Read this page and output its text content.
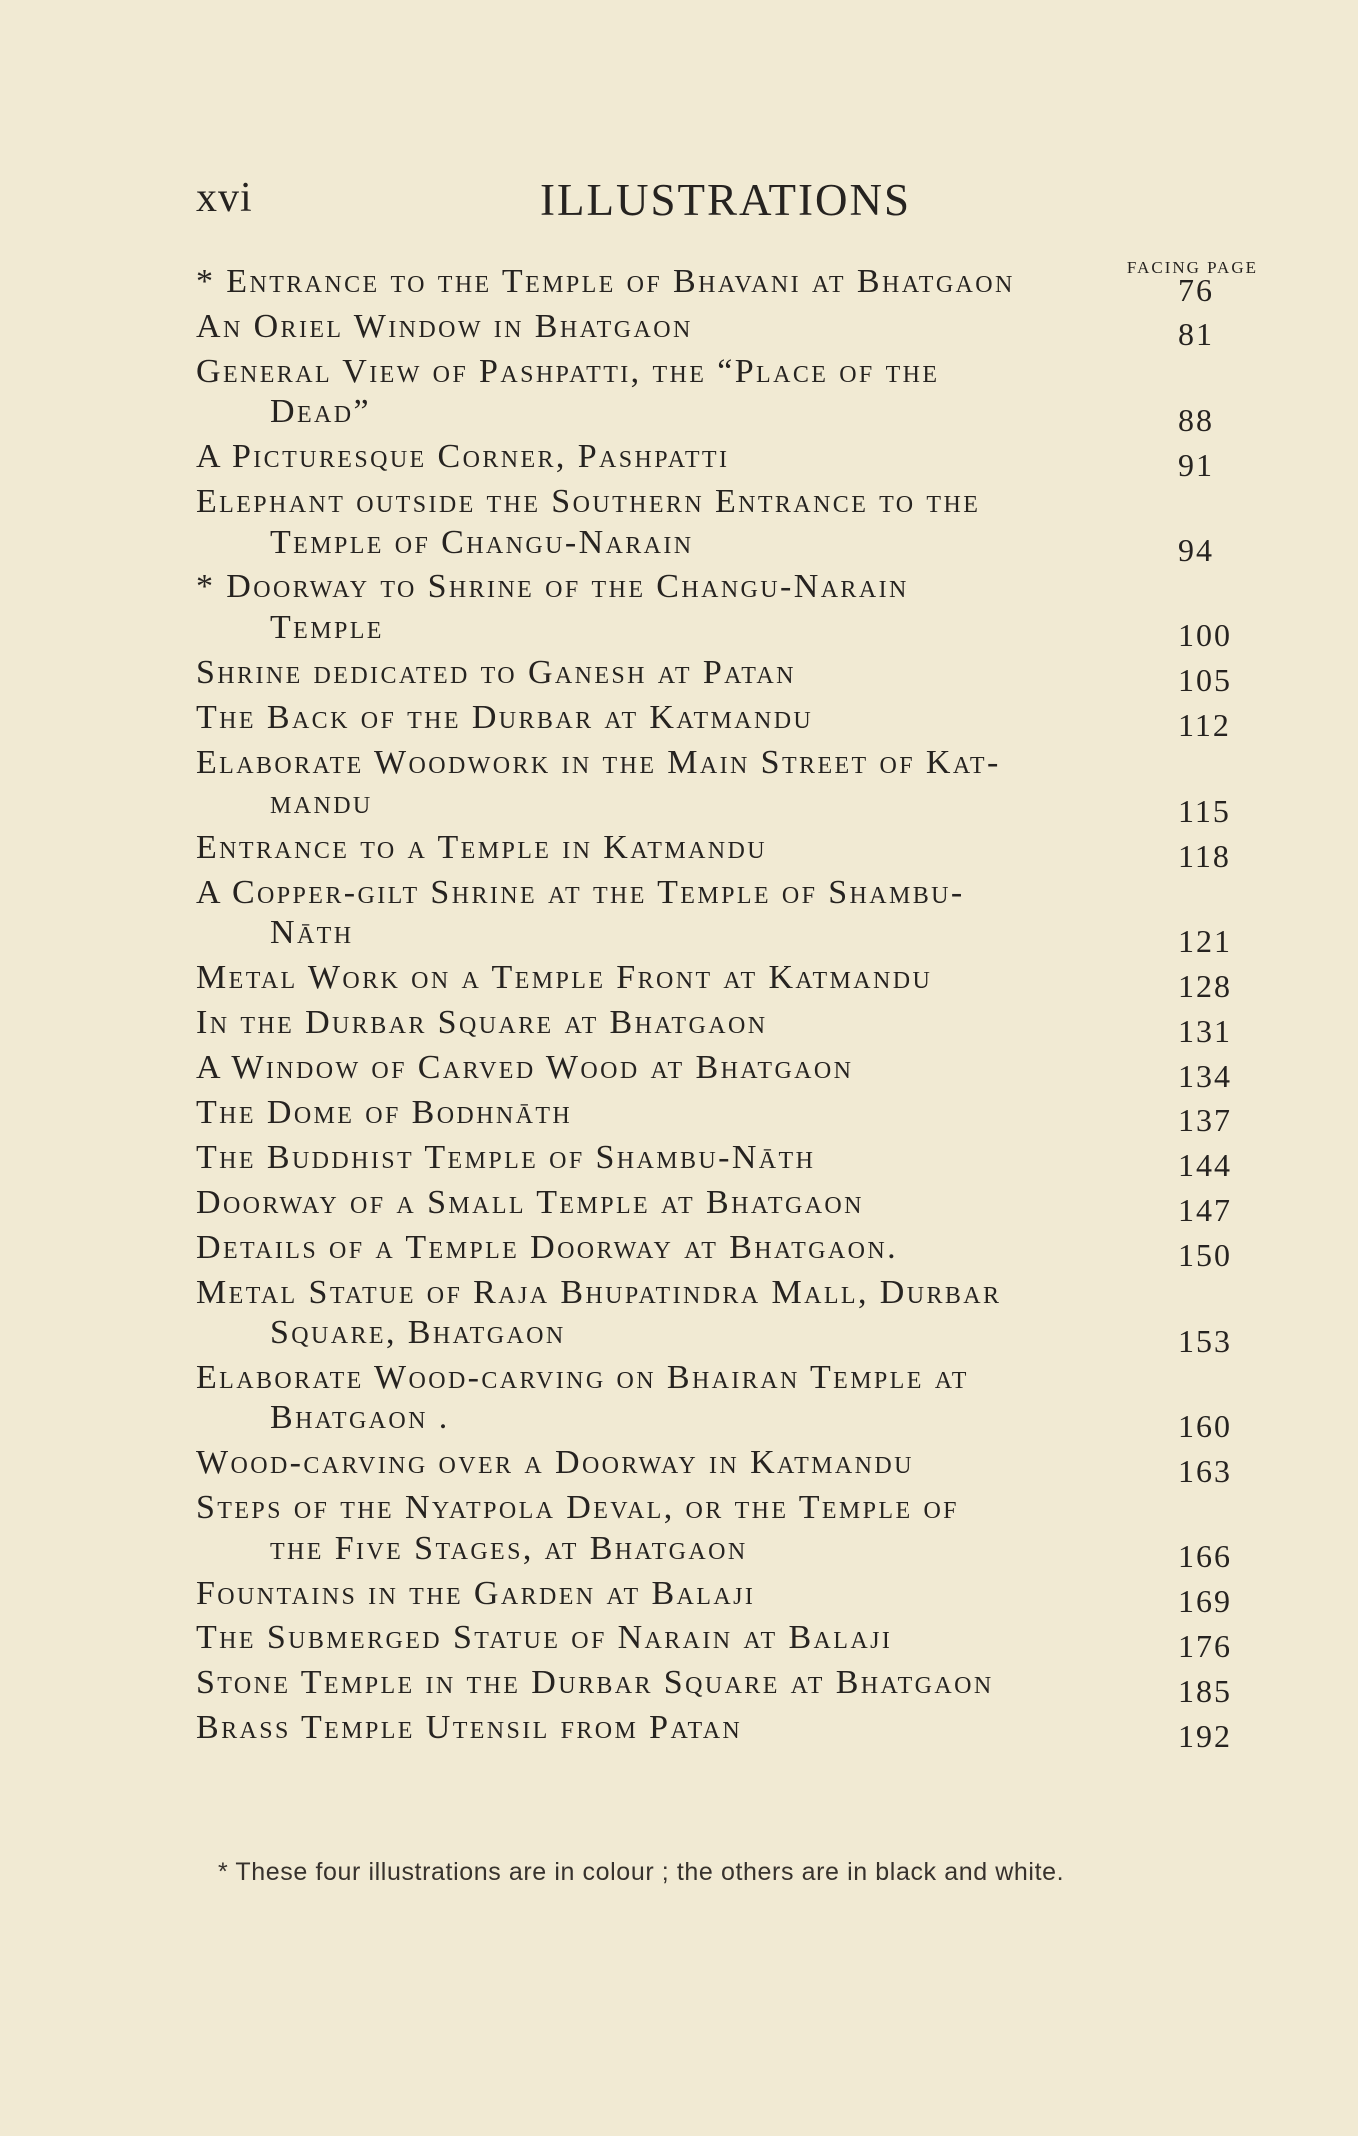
xvi	ILLUSTRATIONS
FACING PAGE
* Entrance to the Temple of Bhavani at Bhatgaon	76
An Oriel Window in Bhatgaon	81
General View of Pashpatti, the “Place of the
Dead”	88
A Picturesque Corner, Pashpatti	91
Elephant outside the Southern Entrance to the
Temple of Changu-Narain	94
* Doorway to Shrine of the Changu-Narain
Temple	100
Shrine dedicated to Ganesh at Patan	105
The Back of the Durbar at Katmandu	112
Elaborate Woodwork in the Main Street of Kat-
mandu	115
Entrance to a Temple in Katmandu	118
A Copper-gilt Shrine at the Temple of Shambu-
Nāth	121
Metal Work on a Temple Front at Katmandu	128
In the Durbar Square at Bhatgaon	131
A Window of Carved Wood at Bhatgaon	134
The Dome of Bodhnāth	137
The Buddhist Temple of Shambu-Nāth	144
Doorway of a Small Temple at Bhatgaon	147
Details of a Temple Doorway at Bhatgaon.	150
Metal Statue of Raja Bhupatindra Mall, Durbar
Square, Bhatgaon	153
Elaborate Wood-carving on Bhairan Temple at
Bhatgaon .	160
Wood-carving over a Doorway in Katmandu	163
Steps of the Nyatpola Deval, or the Temple of
the Five Stages, at Bhatgaon	166
Fountains in the Garden at Balaji	169
The Submerged Statue of Narain at Balaji	176
Stone Temple in the Durbar Square at Bhatgaon	185
Brass Temple Utensil from Patan	192
* These four illustrations are in colour ; the others are in black and white.
